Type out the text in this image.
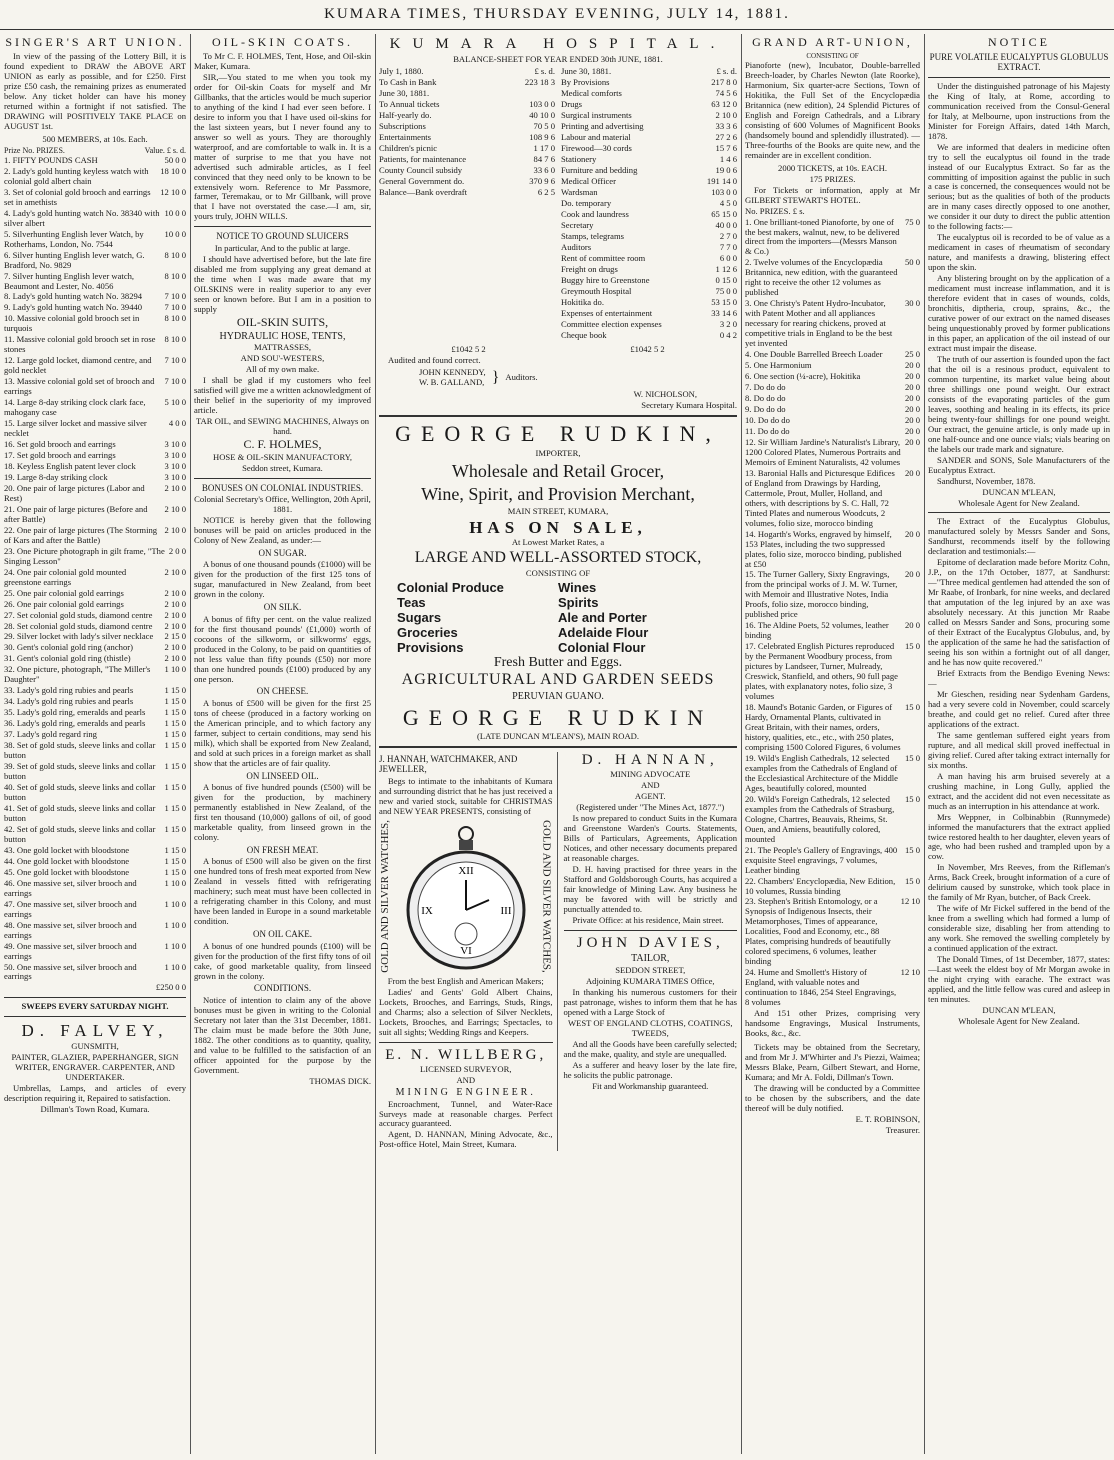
KUMARA TIMES, THURSDAY EVENING, JULY 14, 1881.
SINGER'S ART UNION.

In view of the passing of the Lottery Bill, it is found expedient to DRAW the ABOVE ART UNION as early as possible, and for £250. First prize £50 cash, the remaining prizes as enumerated below. Any ticket holder can have his money returned within a fortnight if not satisfied. The DRAWING will POSITIVELY TAKE PLACE on AUGUST 1st.

500 MEMBERS, at 10s. Each.

Prize No. PRIZES.	Value. £ s. d.
1. FIFTY POUNDS CASH	50 0 0
2. Lady's gold hunting keyless watch with colonial gold albert chain
18 10 0
3. Set of colonial gold brooch and earrings set in amethists
12 10 0
4. Lady's gold hunting watch No. 38340 with silver albert
10 0 0
5. Silverhunting English lever Watch, by Rotherhams, London, No. 7544
10 0 0
6. Silver hunting English lever watch, G. Bradford, No. 9829
8 10 0
7. Silver hunting English lever watch, Beaumont and Lester, No. 4056
8 10 0
8. Lady's gold hunting watch No. 38294	7 10 0
9. Lady's gold hunting watch No. 39440	7 10 0
10. Massive colonial gold brooch set in turquois
8 10 0
11. Massive colonial gold brooch set in rose stones
8 10 0
12. Large gold locket, diamond centre, and gold necklet
7 10 0
13. Massive colonial gold set of brooch and earrings
7 10 0
14. Large 8-day striking clock clark face, mahogany case
5 10 0
15. Large silver locket and massive silver necklet
4 0 0
16. Set gold brooch and earrings	3 10 0
17. Set gold brooch and earrings	3 10 0
18. Keyless English patent lever clock	3 10 0
19. Large 8-day striking clock	3 10 0
20. One pair of large pictures (Labor and Rest)
2 10 0
21. One pair of large pictures (Before and after Battle)
2 10 0
22. One pair of large pictures (The Storming of Kars and after the Battle)
2 10 0
23. One Picture photograph in gilt frame, "The Singing Lesson"
2 0 0
24. One pair colonial gold mounted greenstone earrings
2 10 0
25. One pair colonial gold earrings	2 10 0
26. One pair colonial gold earrings	2 10 0
27. Set colonial gold studs, diamond centre	2 10 0
28. Set colonial gold studs, diamond centre	2 10 0
29. Silver locket with lady's silver necklace	2 15 0
30. Gent's colonial gold ring (anchor)	2 10 0
31. Gent's colonial gold ring (thistle)	2 10 0
32. One picture, photograph, "The Miller's Daughter"
1 10 0
33. Lady's gold ring rubies and pearls	1 15 0
34. Lady's gold ring rubies and pearls	1 15 0
35. Lady's gold ring, emeralds and pearls	1 15 0
36. Lady's gold ring, emeralds and pearls	1 15 0
37. Lady's gold regard ring	1 15 0
38. Set of gold studs, sleeve links and collar button
1 15 0
39. Set of gold studs, sleeve links and collar button
1 15 0
40. Set of gold studs, sleeve links and collar button
1 15 0
41. Set of gold studs, sleeve links and collar button
1 15 0
42. Set of gold studs, sleeve links and collar button
1 15 0
43. One gold locket with bloodstone	1 15 0
44. One gold locket with bloodstone	1 15 0
45. One gold locket with bloodstone	1 15 0
46. One massive set, silver brooch and earrings
1 10 0
47. One massive set, silver brooch and earrings
1 10 0
48. One massive set, silver brooch and earrings
1 10 0
49. One massive set, silver brooch and earrings
1 10 0
50. One massive set, silver brooch and earrings
1 10 0

£250 0 0

SWEEPS EVERY SATURDAY NIGHT.

D. FALVEY,

GUNSMITH,

PAINTER, GLAZIER, PAPERHANGER, SIGN WRITER, ENGRAVER. CARPENTER, AND UNDERTAKER.

Umbrellas, Lamps, and articles of every description requiring it, Repaired to satisfaction.

Dillman's Town Road, Kumara.

OIL-SKIN COATS.

To Mr C. F. HOLMES, Tent, Hose, and Oil-skin Maker, Kumara.

SIR,—You stated to me when you took my order for Oil-skin Coats for myself and Mr Gillbanks, that the articles would be much superior to anything of the kind I had ever seen before. I desire to inform you that I have used oil-skins for the last sixteen years, but I never found any to answer so well as yours. They are thoroughly waterproof, and are comfortable to walk in. It is a matter of surprise to me that you have not advertised such admirable articles, as I feel convinced that they need only to be known to be extensively worn. Reference to Mr Passmore, farmer, Teremakau, or to Mr Gillbank, will prove that I have not overstated the case.—I am, sir, yours truly, JOHN WILLS.

NOTICE TO GROUND SLUICERS

In particular, And to the public at large.

I should have advertised before, but the late fire disabled me from supplying any great demand at the time when I was made aware that my OILSKINS were in reality superior to any ever seen or known before. But I am in a position to supply

OIL-SKIN SUITS,

HYDRAULIC HOSE, TENTS,

MATTRASSES,

AND SOU'-WESTERS,

All of my own make.

I shall be glad if my customers who feel satisfied will give me a written acknowledgment of their belief in the superiority of my improved article.

TAR OIL, and SEWING MACHINES, Always on hand.

C. F. HOLMES,

HOSE & OIL-SKIN MANUFACTORY,

Seddon street, Kumara.

BONUSES ON COLONIAL INDUSTRIES.

Colonial Secretary's Office, Wellington, 20th April, 1881.

NOTICE is hereby given that the following bonuses will be paid on articles produced in the Colony of New Zealand, as under:—

ON SUGAR.

A bonus of one thousand pounds (£1000) will be given for the production of the first 125 tons of sugar, manufactured in New Zealand, from beet grown in the colony.

ON SILK.

A bonus of fifty per cent. on the value realized for the first thousand pounds' (£1,000) worth of cocoons of the silkworm, or silkworms' eggs, produced in the Colony, to be paid on quantities of not less value than fifty pounds (£50) nor more than one hundred pounds (£100) produced by any one person.

ON CHEESE.

A bonus of £500 will be given for the first 25 tons of cheese (produced in a factory working on the American principle, and to which factory any farmer, subject to certain conditions, may send his milk), which shall be exported from New Zealand, and sold at such prices in a foreign market as shall show that the articles are of fair quality.

ON LINSEED OIL.

A bonus of five hundred pounds (£500) will be given for the production, by machinery permanently established in New Zealand, of the first ten thousand (10,000) gallons of oil, of good marketable quality, from linseed grown in the colony.

ON FRESH MEAT.

A bonus of £500 will also be given on the first one hundred tons of fresh meat exported from New Zealand in vessels fitted with refrigerating machinery; such meat must have been collected in a refrigerating chamber in this Colony, and must have been landed in Europe in a sound marketable condition.

ON OIL CAKE.

A bonus of one hundred pounds (£100) will be given for the production of the first fifty tons of oil cake, of good marketable quality, from linseed grown in the colony.

CONDITIONS.

Notice of intention to claim any of the above bonuses must be given in writing to the Colonial Secretary not later than the 31st December, 1881. The claim must be made before the 30th June, 1882. The other conditions as to quantity, quality, and value to be fulfilled to the satisfaction of an officer appointed for the purpose by the Government.

THOMAS DICK.

KUMARA HOSPITAL.

BALANCE-SHEET FOR YEAR ENDED 30th JUNE, 1881.

July 1, 1880.	£ s. d.
To Cash in Bank	223 18 3
June 30, 1881.
To Annual tickets	103 0 0
Half-yearly do.	40 10 0
Subscriptions	70 5 0
Entertainments	108 9 6
Children's picnic	1 17 0
Patients, for maintenance	84 7 6
County Council subsidy	33 6 0
General Government do.	370 9 6
Balance—Bank overdraft	6 2 5
June 30, 1881.	£ s. d.
By Provisions	217 8 0
Medical comforts	74 5 6
Drugs	63 12 0
Surgical instruments	2 10 0
Printing and advertising	33 3 6
Labour and material	27 2 6
Firewood—30 cords	15 7 6
Stationery	1 4 6
Furniture and bedding	19 0 6
Medical Officer	191 14 0
Wardsman	103 0 0
Do. temporary	4 5 0
Cook and laundress	65 15 0
Secretary	40 0 0
Stamps, telegrams	2 7 0
Auditors	7 7 0
Rent of committee room	6 0 0
Freight on drugs	1 12 6
Buggy hire to Greenstone	0 15 0
Greymouth Hospital	75 0 0
Hokitika do.	53 15 0
Expenses of entertainment	33 14 6
Committee election expenses	3 2 0
Cheque book	0 4 2
£1042 5 2	£1042 5 2

Audited and found correct.

JOHN KENNEDY,

W. B. GALLAND, } Auditors.

W. NICHOLSON,

Secretary Kumara Hospital.

GEORGE RUDKIN,

IMPORTER,

Wholesale and Retail Grocer,
Wine, Spirit, and Provision Merchant,

MAIN STREET, KUMARA,

HAS ON SALE,

At Lowest Market Rates, a

LARGE AND WELL-ASSORTED STOCK,

CONSISTING OF

Colonial Produce
Teas
Sugars
Groceries
Provisions
Wines
Spirits
Ale and Porter
Adelaide Flour
Colonial Flour
Fresh Butter and Eggs.
AGRICULTURAL AND GARDEN SEEDS

PERUVIAN GUANO.

GEORGE RUDKIN

(LATE DUNCAN M'LEAN'S), MAIN ROAD.

J. HANNAH, WATCHMAKER, AND JEWELLER,

Begs to intimate to the inhabitants of Kumara and surrounding district that he has just received a new and varied stock, suitable for CHRISTMAS and NEW YEAR PRESENTS, consisting of

GOLD AND SILVER WATCHES,	XII
III
VI
IX	GOLD AND SILVER WATCHES,

From the best English and American Makers;

Ladies' and Gents' Gold Albert Chains, Lockets, Brooches, and Earrings, Studs, Rings, and Charms; also a selection of Silver Necklets, Lockets, Brooches, and Earrings; Spectacles, to suit all sights; Wedding Rings and Keepers.

E. N. WILLBERG,

LICENSED SURVEYOR,

AND

MINING ENGINEER.

Encroachment, Tunnel, and Water-Race Surveys made at reasonable charges. Perfect accuracy guaranteed.

Agent, D. HANNAN, Mining Advocate, &c., Post-office Hotel, Main Street, Kumara.

D. HANNAN,

MINING ADVOCATE

AND

AGENT.

(Registered under "The Mines Act, 1877.")

Is now prepared to conduct Suits in the Kumara and Greenstone Warden's Courts. Statements, Bills of Particulars, Agreements, Application Notices, and other necessary documents prepared at reasonable charges.

D. H. having practised for three years in the Stafford and Goldsborough Courts, has acquired a fair knowledge of Mining Law. Any business he may be favored with will be strictly and punctually attended to.

Private Office: at his residence, Main street.

JOHN DAVIES,

TAILOR,

SEDDON STREET,

Adjoining KUMARA TIMES Office,

In thanking his numerous customers for their past patronage, wishes to inform them that he has opened with a Large Stock of

WEST OF ENGLAND CLOTHS, COATINGS, TWEEDS,

And all the Goods have been carefully selected; and the make, quality, and style are unequalled.

As a sufferer and heavy loser by the late fire, he solicits the public patronage.

Fit and Workmanship guaranteed.

GRAND ART-UNION,

CONSISTING OF

Pianoforte (new), Incubator, Double-barrelled Breech-loader, by Charles Newton (late Roorke), Harmonium, Six quarter-acre Sections, Town of Hokitika, the Full Set of the Encyclopædia Britannica (new edition), 24 Splendid Pictures of English and Foreign Cathedrals, and a Library consisting of 600 Volumes of Magnificent Books (handsomely bound and splendidly illustrated). — Three-fourths of the Books are quite new, and the remainder are in excellent condition.

2000 TICKETS, at 10s. EACH.

175 PRIZES.

For Tickets or information, apply at Mr GILBERT STEWART'S HOTEL.

No. PRIZES. £ s.

1. One brilliant-toned Pianoforte, by one of the best makers, walnut, new, to be delivered direct from the importers—(Messrs Manson & Co.)
75 0
2. Twelve volumes of the Encyclopædia Britannica, new edition, with the guaranteed right to receive the other 12 volumes as published
50 0
3. One Christy's Patent Hydro-Incubator, with Patent Mother and all appliances necessary for rearing chickens, proved at competitive trials in England to be the best yet invented
30 0
4. One Double Barrelled Breech Loader	25 0
5. One Harmonium	20 0
6. One section (¼-acre), Hokitika	20 0
7. Do do do	20 0
8. Do do do	20 0
9. Do do do	20 0
10. Do do do	20 0
11. Do do do	20 0
12. Sir William Jardine's Naturalist's Library, 1200 Colored Plates, Numerous Portraits and Memoirs of Eminent Naturalists, 42 volumes
20 0
13. Baronial Halls and Picturesque Edifices of England from Drawings by Harding, Cattermole, Prout, Muller, Holland, and others, with descriptions by S. C. Hall, 72 Tinted Plates and numerous Woodcuts, 2 volumes, folio size, morocco binding
20 0
14. Hogarth's Works, engraved by himself, 153 Plates, including the two suppressed plates, folio size, morocco binding, published at £50
20 0
15. The Turner Gallery, Sixty Engravings, from the principal works of J. M. W. Turner, with Memoir and Illustrative Notes, India Proofs, folio size, morocco binding, published price
20 0
16. The Aldine Poets, 52 volumes, leather binding
20 0
17. Celebrated English Pictures reproduced by the Permanent Woodbury process, from pictures by Landseer, Turner, Mulready, Creswick, Stanfield, and others, 90 full page plates, with explanatory notes, folio size, 3 volumes
15 0
18. Maund's Botanic Garden, or Figures of Hardy, Ornamental Plants, cultivated in Great Britain, with their names, orders, history, qualities, etc., etc., with 250 plates, comprising 1500 Colored Figures, 6 volumes
15 0
19. Wild's English Cathedrals, 12 selected examples from the Cathedrals of England of the Ecclesiastical Architecture of the Middle Ages, beautifully colored, mounted
15 0
20. Wild's Foreign Cathedrals, 12 selected examples from the Cathedrals of Strasburg, Cologne, Chartres, Beauvais, Rheims, St. Ouen, and Amiens, beautifully colored, mounted
15 0
21. The People's Gallery of Engravings, 400 exquisite Steel engravings, 7 volumes, Leather binding
15 0
22. Chambers' Encyclopædia, New Edition, 10 volumes, Russia binding
15 0
23. Stephen's British Entomology, or a Synopsis of Indigenous Insects, their Metamorphoses, Times of appearance, Localities, Food and Economy, etc., 88 Plates, comprising hundreds of beautifully colored specimens, 6 volumes, leather binding
12 10
24. Hume and Smollett's History of England, with valuable notes and continuation to 1846, 254 Steel Engravings, 8 volumes
12 10

And 151 other Prizes, comprising very handsome Engravings, Musical Instruments, Books, &c., &c.

Tickets may be obtained from the Secretary, and from Mr J. M'Whirter and J's Piezzi, Waimea; Messrs Blake, Pearn, Gilbert Stewart, and Horne, Kumara; and Mr A. Foldi, Dillman's Town.

The drawing will be conducted by a Committee to be chosen by the subscribers, and the date thereof will be duly notified.

E. T. ROBINSON,

Treasurer.

NOTICE
PURE VOLATILE EUCALYPTUS GLOBULUS EXTRACT.

Under the distinguished patronage of his Majesty the King of Italy, at Rome, according to communication received from the Consul-General for Italy, at Melbourne, upon instructions from the Minister for Foreign Affairs, dated 14th March, 1878.

We are informed that dealers in medicine often try to sell the eucalyptus oil found in the trade instead of our Eucalyptus Extract. So far as the committing of imposition against the public in such a case is concerned, the consequences would not be serious; but as the qualities of both of the products are in many cases directly opposed to one another, we consider it our duty to direct the public attention to the following facts:—

The eucalyptus oil is recorded to be of value as a medicament in cases of rheumatism of secondary nature, and manifests a drawing, blistering effect upon the skin.

Any blistering brought on by the application of a medicament must increase inflammation, and it is therefore evident that in cases of wounds, colds, bronchitis, diptheria, croup, sprains, &c., the curative power of our extract on the named diseases being unquestionably proved by former publications in this paper, an application of the oil instead of our extract must impair the disease.

The truth of our assertion is founded upon the fact that the oil is a resinous product, equivalent to common turpentine, its market value being about three shillings one pound weight. Our extract consists of the evaporating particles of the gum leaves, soothing and healing in its effects, its price being twenty-four shillings for one pound weight. Our extract, the genuine article, is only made up in one half-ounce and one ounce vials; vials bearing on the labels our trade mark and signature.

SANDER and SONS, Sole Manufacturers of the Eucalyptus Extract.

Sandhurst, November, 1878.

DUNCAN M'LEAN,

Wholesale Agent for New Zealand.

The Extract of the Eucalyptus Globulus, manufactured solely by Messrs Sander and Sons, Sandhurst, recommends itself by the following declaration and testimonials:—

Epitome of declaration made before Moritz Cohn, J.P., on the 17th October, 1877, at Sandhurst:—"Three medical gentlemen had attended the son of Mr Raabe, of Ironbark, for nine weeks, and declared that amputation of the leg injured by an axe was absolutely necessary. At this junction Mr Raabe called on Messrs Sander and Sons, procuring some of their Extract of the Eucalyptus Globulus, and, by the application of the same he had the satisfaction of seeing his son within a fortnight out of all danger, and he has now quite recovered."

Brief Extracts from the Bendigo Evening News:—

Mr Gieschen, residing near Sydenham Gardens, had a very severe cold in November, could scarcely breathe, and could get no relief. Cured after three applications of the extract.

The same gentleman suffered eight years from rupture, and all medical skill proved ineffectual in giving relief. Cured after taking extract internally for six months.

A man having his arm bruised severely at a crushing machine, in Long Gully, applied the extract, and the accident did not even necessitate as much as an interruption in his attendance at work.

Mrs Weppner, in Colbinabbin (Runnymede) informed the manufacturers that the extract applied twice restored health to her daughter, eleven years of age, who had been rushed and trampled upon by a cow.

In November, Mrs Reeves, from the Rifleman's Arms, Back Creek, brought information of a cure of delirium caused by sunstroke, which took place in the family of Mr Ryan, butcher, of Back Creek.

The wife of Mr Fickel suffered in the bend of the knee from a swelling which had formed a lump of considerable size, disabling her from attending to any work. She removed the swelling completely by a continued application of the extract.

The Donald Times, of 1st December, 1877, states:—Last week the eldest boy of Mr Morgan awoke in the night crying with earache. The extract was applied, and the little fellow was cured and asleep in ten minutes.

DUNCAN M'LEAN,

Wholesale Agent for New Zealand.
